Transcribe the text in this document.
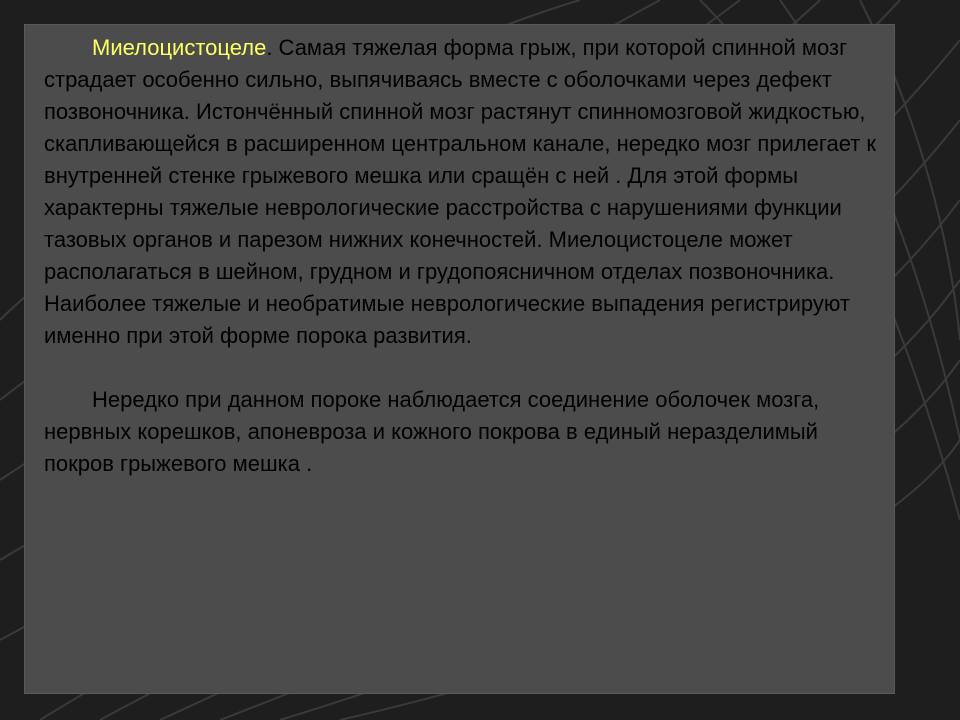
Миелоцистоцеле. Самая тяжелая форма грыж, при которой спинной мозг страдает особенно сильно, выпячиваясь вместе с оболочками через дефект позвоночника. Истончённый спинной мозг растянут спинномозговой жидкостью, скапливающейся в расширенном центральном канале, нередко мозг прилегает к внутренней стенке грыжевого мешка или сращён с ней . Для этой формы характерны тяжелые неврологические расстройства с нарушениями функции тазовых органов и парезом нижних конечностей. Миелоцистоцеле может располагаться в шейном, грудном и грудопоясничном отделах позвоночника. Наиболее тяжелые и необратимые неврологические выпадения регистрируют именно при этой форме порока развития.

Нередко при данном пороке наблюдается соединение оболочек мозга, нервных корешков, апоневроза и кожного покрова в единый неразделимый покров грыжевого мешка .
